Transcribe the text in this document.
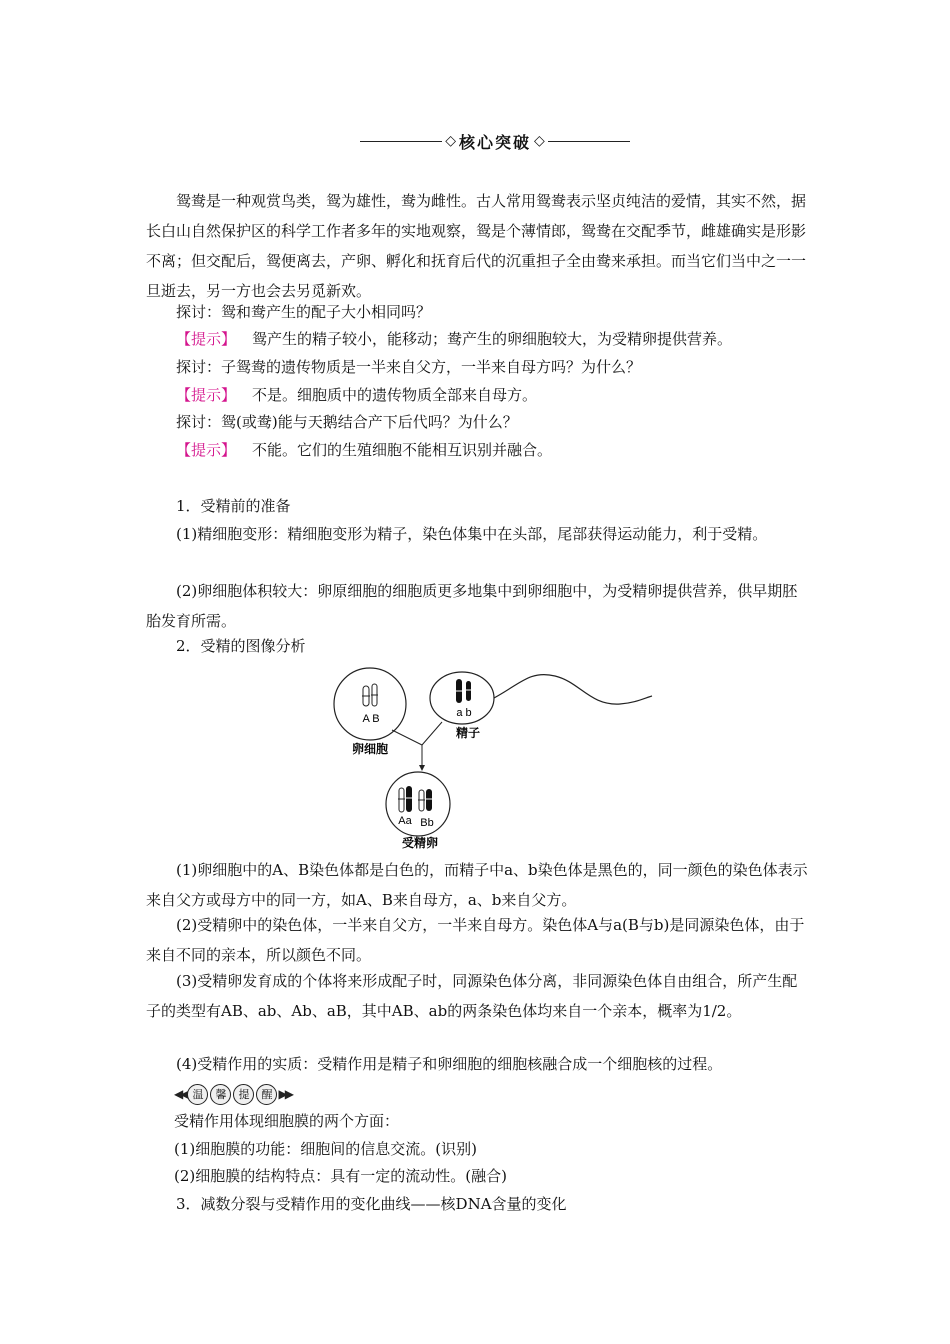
◇ 核心突破 ◇

鸳鸯是一种观赏鸟类，鸳为雄性，鸯为雌性。古人常用鸳鸯表示坚贞纯洁的爱情，其实不然，据长白山自然保护区的科学工作者多年的实地观察，鸳是个薄情郎，鸳鸯在交配季节，雌雄确实是形影不离；但交配后，鸳便离去，产卵、孵化和抚育后代的沉重担子全由鸯来承担。而当它们当中之一一旦逝去，另一方也会去另觅新欢。

探讨：鸳和鸯产生的配子大小相同吗？

【提示】 鸳产生的精子较小，能移动；鸯产生的卵细胞较大，为受精卵提供营养。

探讨：子鸳鸯的遗传物质是一半来自父方，一半来自母方吗？为什么？

【提示】 不是。细胞质中的遗传物质全部来自母方。

探讨：鸳(或鸯)能与天鹅结合产下后代吗？为什么？

【提示】 不能。它们的生殖细胞不能相互识别并融合。

1．受精前的准备

(1)精细胞变形：精细胞变形为精子，染色体集中在头部，尾部获得运动能力，利于受精。

(2)卵细胞体积较大：卵原细胞的细胞质更多地集中到卵细胞中，为受精卵提供营养，供早期胚胎发育所需。

2．受精的图像分析

A B
卵细胞
a b
精子
Aa Bb
受精卵

(1)卵细胞中的A、B染色体都是白色的，而精子中a、b染色体是黑色的，同一颜色的染色体表示来自父方或母方中的同一方，如A、B来自母方，a、b来自父方。

(2)受精卵中的染色体，一半来自父方，一半来自母方。染色体A与a(B与b)是同源染色体，由于来自不同的亲本，所以颜色不同。

(3)受精卵发育成的个体将来形成配子时，同源染色体分离，非同源染色体自由组合，所产生配子的类型有AB、ab、Ab、aB，其中AB、ab的两条染色体均来自一个亲本，概率为1/2。

(4)受精作用的实质：受精作用是精子和卵细胞的细胞核融合成一个细胞核的过程。

◀◀ 温	馨	提	醒 ▶▶

受精作用体现细胞膜的两个方面：

(1)细胞膜的功能：细胞间的信息交流。(识别)

(2)细胞膜的结构特点：具有一定的流动性。(融合)

3．减数分裂与受精作用的变化曲线——核DNA含量的变化
